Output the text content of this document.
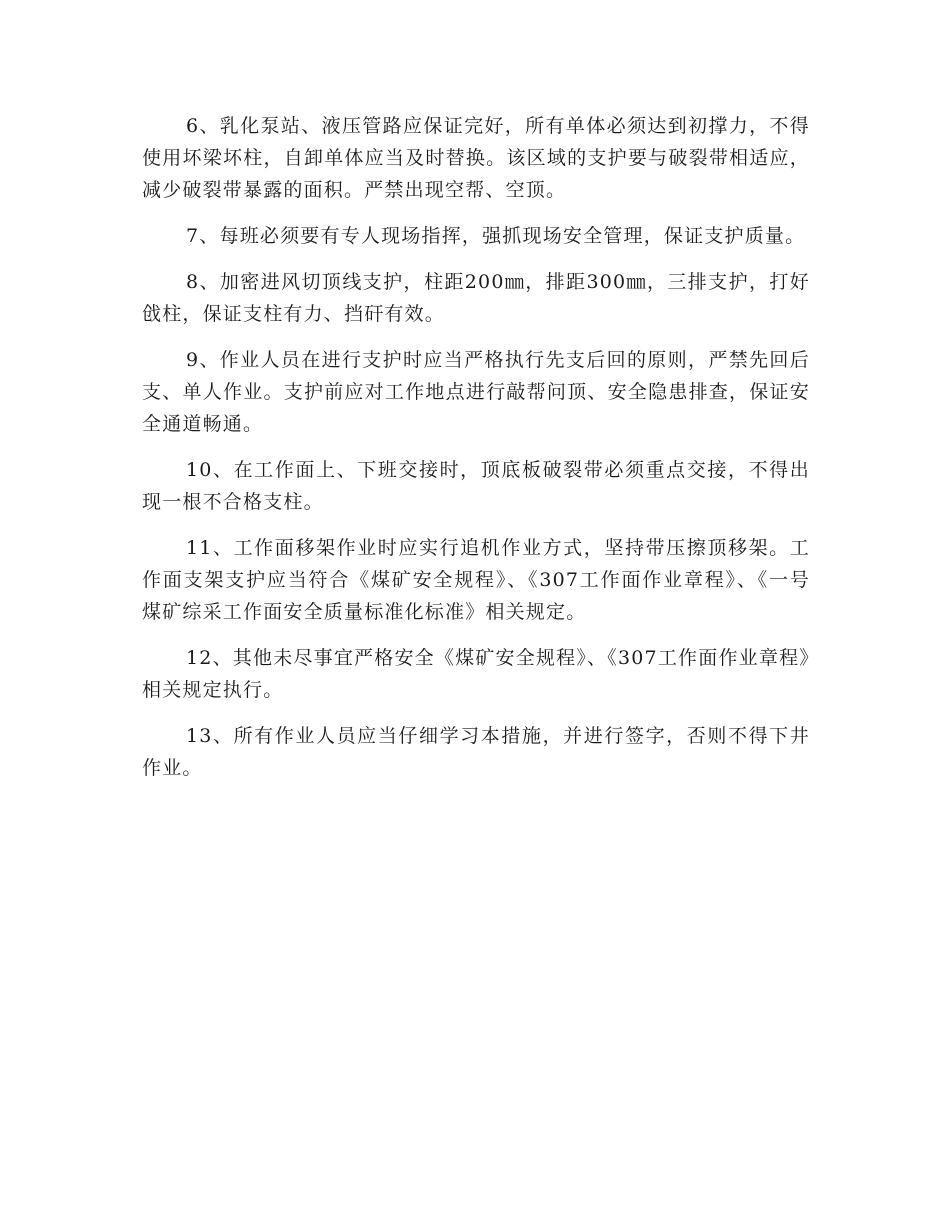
6、乳化泵站、液压管路应保证完好，所有单体必须达到初撑力，不得使用坏梁坏柱，自卸单体应当及时替换。该区域的支护要与破裂带相适应，减少破裂带暴露的面积。严禁出现空帮、空顶。

7、每班必须要有专人现场指挥，强抓现场安全管理，保证支护质量。

8、加密进风切顶线支护，柱距200㎜，排距300㎜，三排支护，打好戗柱，保证支柱有力、挡矸有效。

9、作业人员在进行支护时应当严格执行先支后回的原则，严禁先回后支、单人作业。支护前应对工作地点进行敲帮问顶、安全隐患排查，保证安全通道畅通。

10、在工作面上、下班交接时，顶底板破裂带必须重点交接，不得出现一根不合格支柱。

11、工作面移架作业时应实行追机作业方式，坚持带压擦顶移架。工作面支架支护应当符合《煤矿安全规程》、《307工作面作业章程》、《一号煤矿综采工作面安全质量标准化标准》相关规定。

12、其他未尽事宜严格安全《煤矿安全规程》、《307工作面作业章程》相关规定执行。

13、所有作业人员应当仔细学习本措施，并进行签字，否则不得下井作业。
